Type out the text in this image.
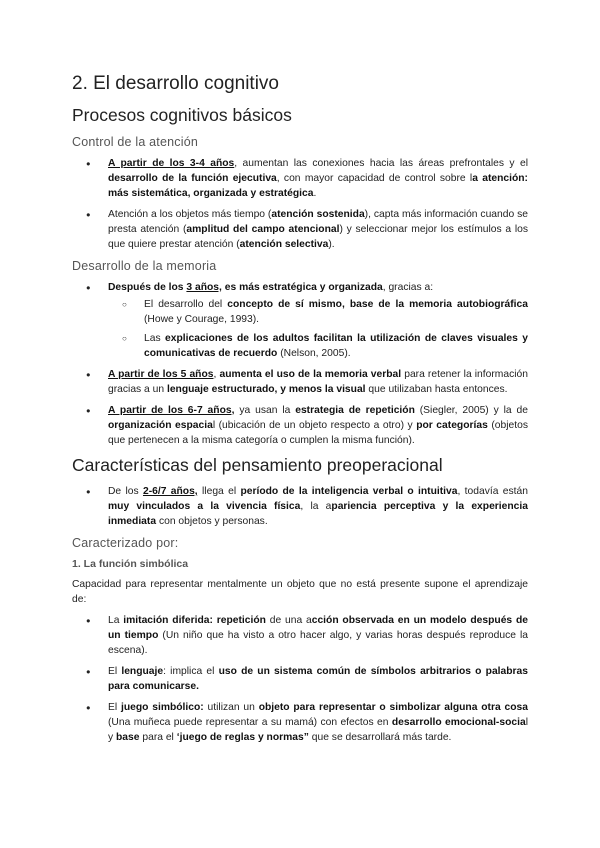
2. El desarrollo cognitivo
Procesos cognitivos básicos
Control de la atención
● A partir de los 3-4 años, aumentan las conexiones hacia las áreas prefrontales y el desarrollo de la función ejecutiva, con mayor capacidad de control sobre la atención: más sistemática, organizada y estratégica.
● Atención a los objetos más tiempo (atención sostenida), capta más información cuando se presta atención (amplitud del campo atencional) y seleccionar mejor los estímulos a los que quiere prestar atención (atención selectiva).
Desarrollo de la memoria
● Después de los 3 años, es más estratégica y organizada, gracias a:
○ El desarrollo del concepto de sí mismo, base de la memoria autobiográfica (Howe y Courage, 1993).
○ Las explicaciones de los adultos facilitan la utilización de claves visuales y comunicativas de recuerdo (Nelson, 2005).
● A partir de los 5 años, aumenta el uso de la memoria verbal para retener la información gracias a un lenguaje estructurado, y menos la visual que utilizaban hasta entonces.
● A partir de los 6-7 años, ya usan la estrategia de repetición (Siegler, 2005) y la de organización espacial (ubicación de un objeto respecto a otro) y por categorías (objetos que pertenecen a la misma categoría o cumplen la misma función).
Características del pensamiento preoperacional
● De los 2-6/7 años, llega el período de la inteligencia verbal o intuitiva, todavía están muy vinculados a la vivencia física, la apariencia perceptiva y la experiencia inmediata con objetos y personas.
Caracterizado por:
1. La función simbólica

Capacidad para representar mentalmente un objeto que no está presente supone el aprendizaje de:

● La imitación diferida: repetición de una acción observada en un modelo después de un tiempo (Un niño que ha visto a otro hacer algo, y varias horas después reproduce la escena).
● El lenguaje: implica el uso de un sistema común de símbolos arbitrarios o palabras para comunicarse.
● El juego simbólico: utilizan un objeto para representar o simbolizar alguna otra cosa (Una muñeca puede representar a su mamá) con efectos en desarrollo emocional-social y base para el ‘juego de reglas y normas” que se desarrollará más tarde.
